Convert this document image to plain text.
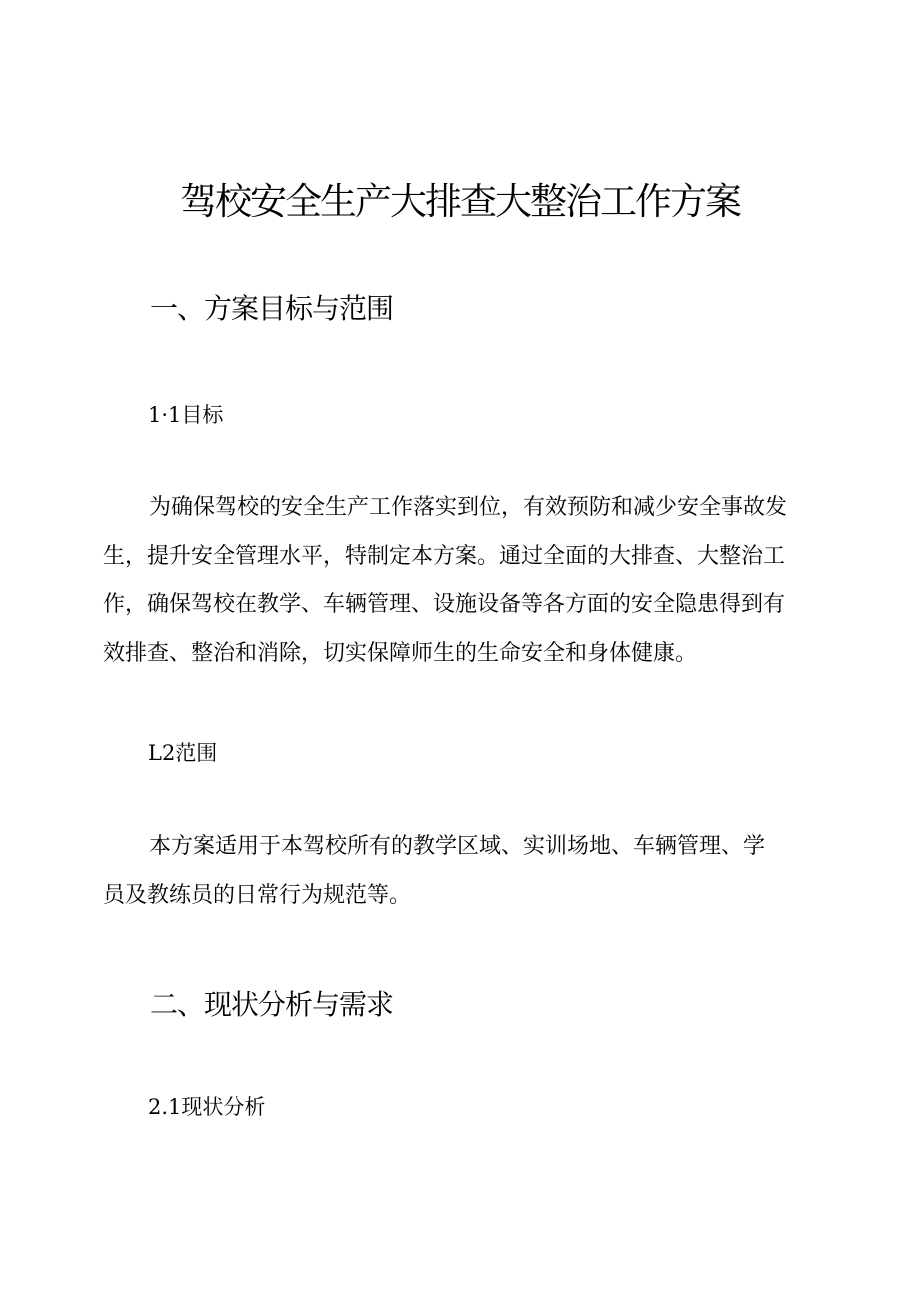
驾校安全生产大排查大整治工作方案
一、方案目标与范围
1·1目标

为确保驾校的安全生产工作落实到位，有效预防和减少安全事故发
生，提升安全管理水平，特制定本方案。通过全面的大排查、大整治工
作，确保驾校在教学、车辆管理、设施设备等各方面的安全隐患得到有
效排查、整治和消除，切实保障师生的生命安全和身体健康。

L2范围

本方案适用于本驾校所有的教学区域、实训场地、车辆管理、学
员及教练员的日常行为规范等。

二、现状分析与需求
2.1现状分析
